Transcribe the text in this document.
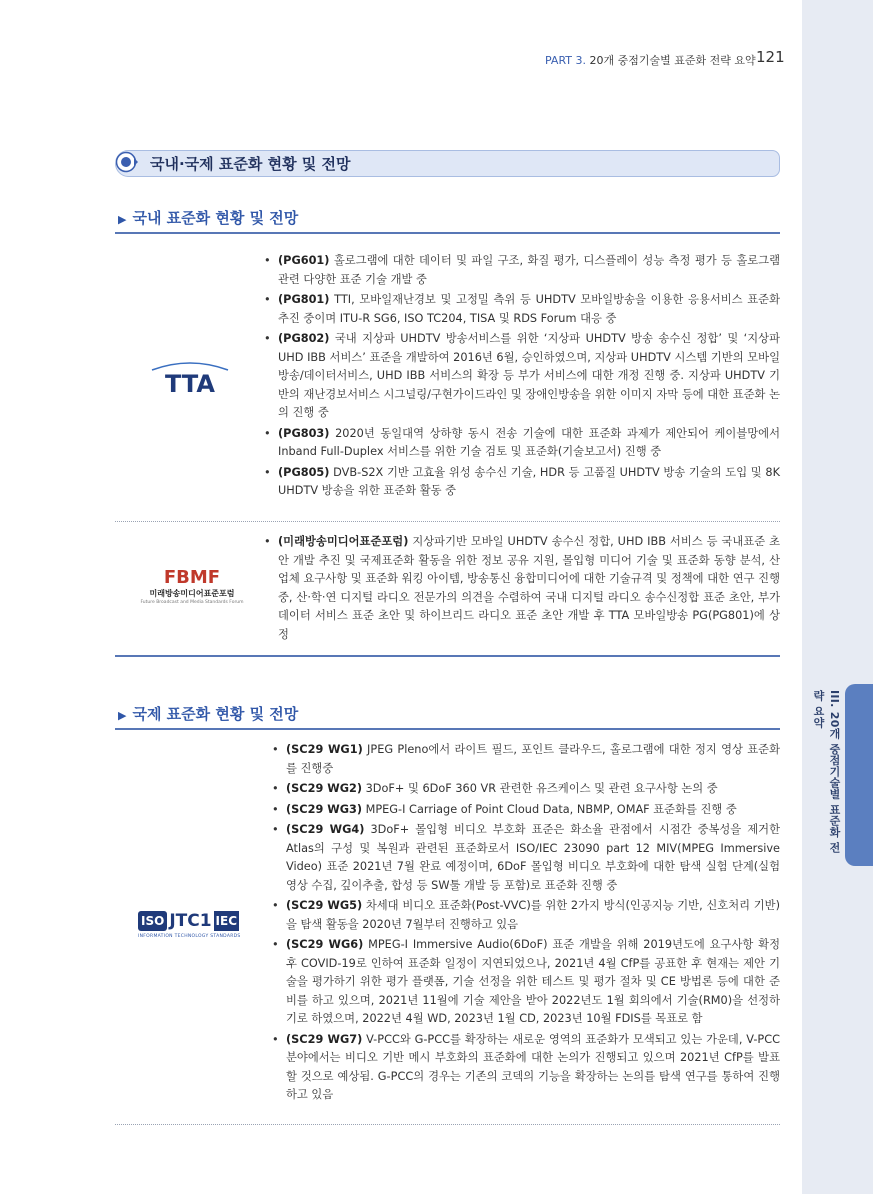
III. 20개 중점기술별 표준화 전략 요약
PART 3. 20개 중점기술별 표준화 전략 요약 121
국내·국제 표준화 현황 및 전망
▶ 국내 표준화 현황 및 전망
TTA
• (PG601) 홀로그램에 대한 데이터 및 파일 구조, 화질 평가, 디스플레이 성능 측정 평가 등 홀로그램 관련 다양한 표준 기술 개발 중
• (PG801) TTI, 모바일재난경보 및 고정밀 측위 등 UHDTV 모바일방송을 이용한 응용서비스 표준화 추진 중이며 ITU-R SG6, ISO TC204, TISA 및 RDS Forum 대응 중
• (PG802) 국내 지상파 UHDTV 방송서비스를 위한 ‘지상파 UHDTV 방송 송수신 정합’ 및 ‘지상파 UHD IBB 서비스’ 표준을 개발하여 2016년 6월, 승인하였으며, 지상파 UHDTV 시스템 기반의 모바일방송/데이터서비스, UHD IBB 서비스의 확장 등 부가 서비스에 대한 개정 진행 중. 지상파 UHDTV 기반의 재난경보서비스 시그널링/구현가이드라인 및 장애인방송을 위한 이미지 자막 등에 대한 표준화 논의 진행 중
• (PG803) 2020년 동일대역 상하향 동시 전송 기술에 대한 표준화 과제가 제안되어 케이블망에서 Inband Full-Duplex 서비스를 위한 기술 검토 및 표준화(기술보고서) 진행 중
• (PG805) DVB-S2X 기반 고효율 위성 송수신 기술, HDR 등 고품질 UHDTV 방송 기술의 도입 및 8K UHDTV 방송을 위한 표준화 활동 중
FBMF
미래방송미디어표준포럼
Future Broadcast and Media Standards Forum
• (미래방송미디어표준포럼) 지상파기반 모바일 UHDTV 송수신 정합, UHD IBB 서비스 등 국내표준 초안 개발 추진 및 국제표준화 활동을 위한 정보 공유 지원, 몰입형 미디어 기술 및 표준화 동향 분석, 산업체 요구사항 및 표준화 워킹 아이템, 방송통신 융합미디어에 대한 기술규격 및 정책에 대한 연구 진행 중, 산·학·연 디지털 라디오 전문가의 의견을 수렴하여 국내 디지털 라디오 송수신정합 표준 초안, 부가 데이터 서비스 표준 초안 및 하이브리드 라디오 표준 초안 개발 후 TTA 모바일방송 PG(PG801)에 상정
▶ 국제 표준화 현황 및 전망
ISO JTC1 IEC
INFORMATION TECHNOLOGY STANDARDS
• (SC29 WG1) JPEG Pleno에서 라이트 필드, 포인트 클라우드, 홀로그램에 대한 정지 영상 표준화를 진행중
• (SC29 WG2) 3DoF+ 및 6DoF 360 VR 관련한 유즈케이스 및 관련 요구사항 논의 중
• (SC29 WG3) MPEG-I Carriage of Point Cloud Data, NBMP, OMAF 표준화를 진행 중
• (SC29 WG4) 3DoF+ 몰입형 비디오 부호화 표준은 화소율 관점에서 시점간 중복성을 제거한 Atlas의 구성 및 복원과 관련된 표준화로서 ISO/IEC 23090 part 12 MIV(MPEG Immersive Video) 표준 2021년 7월 완료 예정이며, 6DoF 몰입형 비디오 부호화에 대한 탐색 실험 단계(실험영상 수집, 깊이추출, 합성 등 SW툴 개발 등 포함)로 표준화 진행 중
• (SC29 WG5) 차세대 비디오 표준화(Post-VVC)를 위한 2가지 방식(인공지능 기반, 신호처리 기반)을 탐색 활동을 2020년 7월부터 진행하고 있음
• (SC29 WG6) MPEG-I Immersive Audio(6DoF) 표준 개발을 위해 2019년도에 요구사항 확정 후 COVID-19로 인하여 표준화 일정이 지연되었으나, 2021년 4월 CfP를 공표한 후 현재는 제안 기술을 평가하기 위한 평가 플랫폼, 기술 선정을 위한 테스트 및 평가 절차 및 CE 방법론 등에 대한 준비를 하고 있으며, 2021년 11월에 기술 제안을 받아 2022년도 1월 회의에서 기술(RM0)을 선정하기로 하였으며, 2022년 4월 WD, 2023년 1월 CD, 2023년 10월 FDIS를 목표로 함
• (SC29 WG7) V-PCC와 G-PCC를 확장하는 새로운 영역의 표준화가 모색되고 있는 가운데, V-PCC 분야에서는 비디오 기반 메시 부호화의 표준화에 대한 논의가 진행되고 있으며 2021년 CfP를 발표할 것으로 예상됨. G-PCC의 경우는 기존의 코덱의 기능을 확장하는 논의를 탐색 연구를 통하여 진행하고 있음
